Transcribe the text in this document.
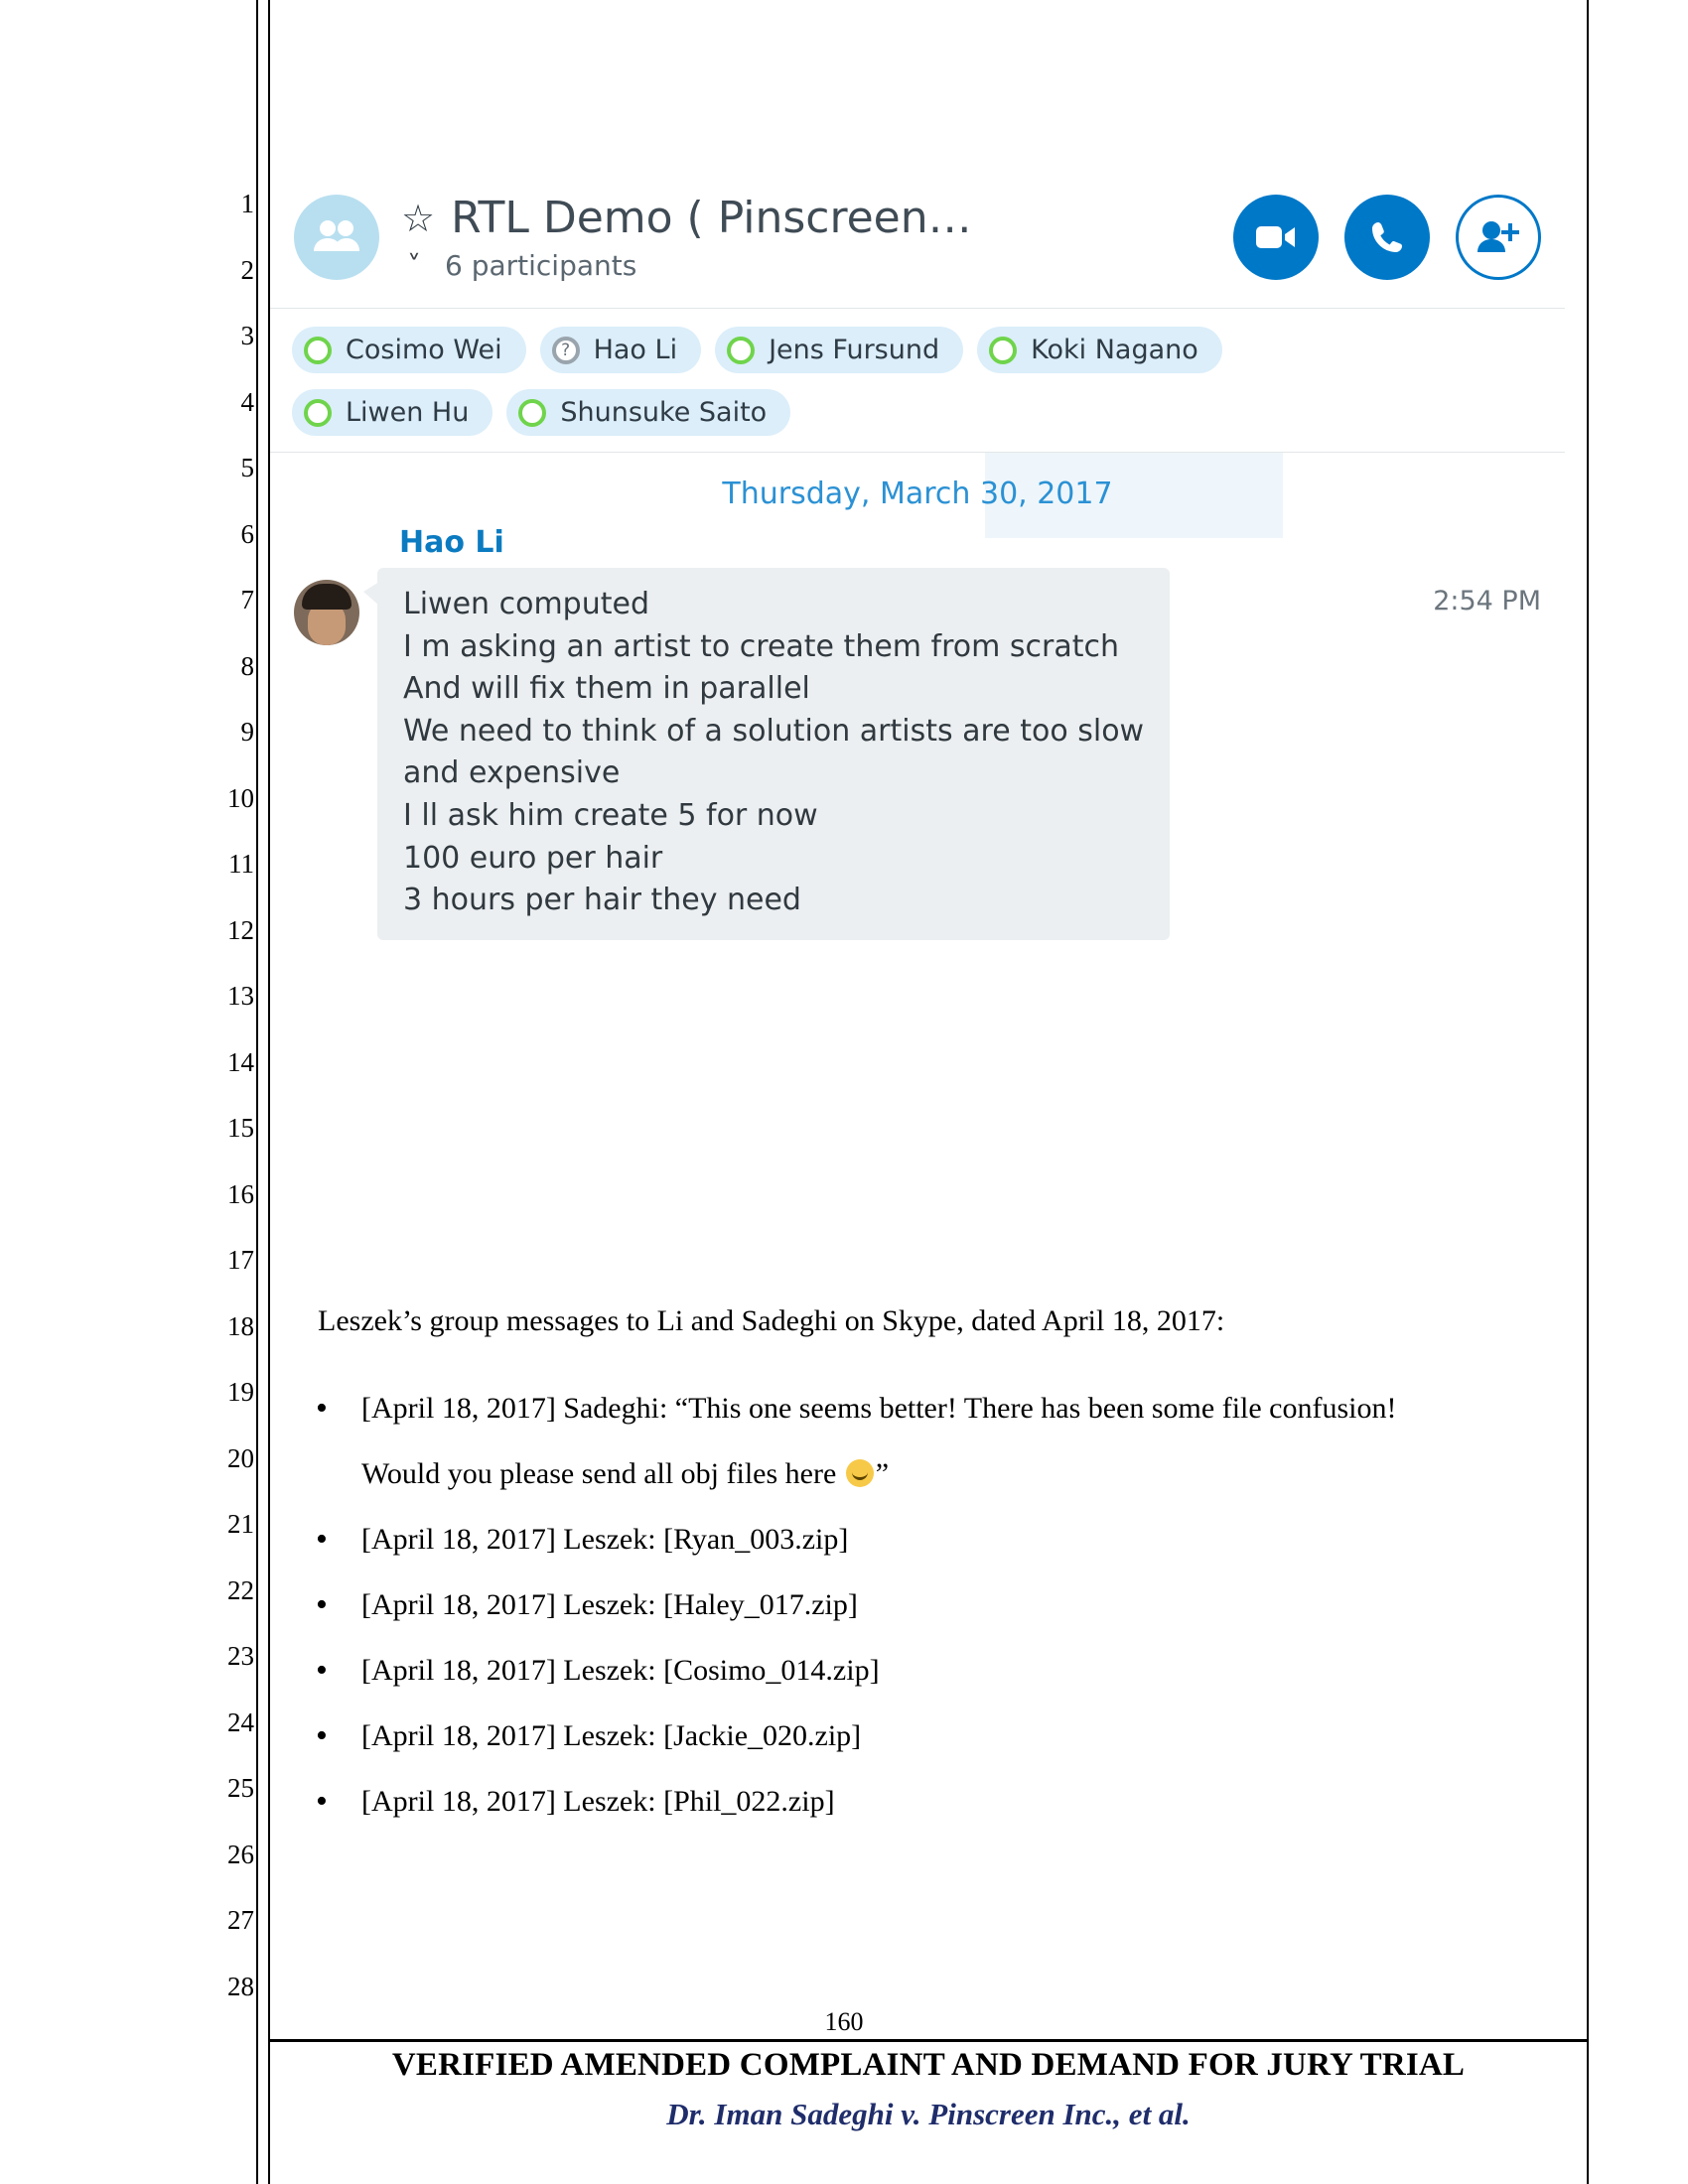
1
2
3
4
5
6
7
8
9
10
11
12
13
14
15
16
17
18
19
20
21
22
23
24
25
26
27
28
☆ RTL Demo ( Pinscreen…
˅ 6 participants
Cosimo Wei	? Hao Li	Jens Fursund	Koki Nagano
Liwen Hu	Shunsuke Saito
Thursday, March 30, 2017
Hao Li
Liwen computed
I m asking an artist to create them from scratch
And will fix them in parallel
We need to think of a solution artists are too slow
and expensive
I ll ask him create 5 for now
100 euro per hair
3 hours per hair they need
2:54 PM

Leszek’s group messages to Li and Sadeghi on Skype, dated April 18, 2017:

• [April 18, 2017] Sadeghi: “This one seems better! There has been some file confusion!
Would you please send all obj files here ”
• [April 18, 2017] Leszek: [Ryan_003.zip]
• [April 18, 2017] Leszek: [Haley_017.zip]
• [April 18, 2017] Leszek: [Cosimo_014.zip]
• [April 18, 2017] Leszek: [Jackie_020.zip]
• [April 18, 2017] Leszek: [Phil_022.zip]
160
VERIFIED AMENDED COMPLAINT AND DEMAND FOR JURY TRIAL
Dr. Iman Sadeghi v. Pinscreen Inc., et al.
